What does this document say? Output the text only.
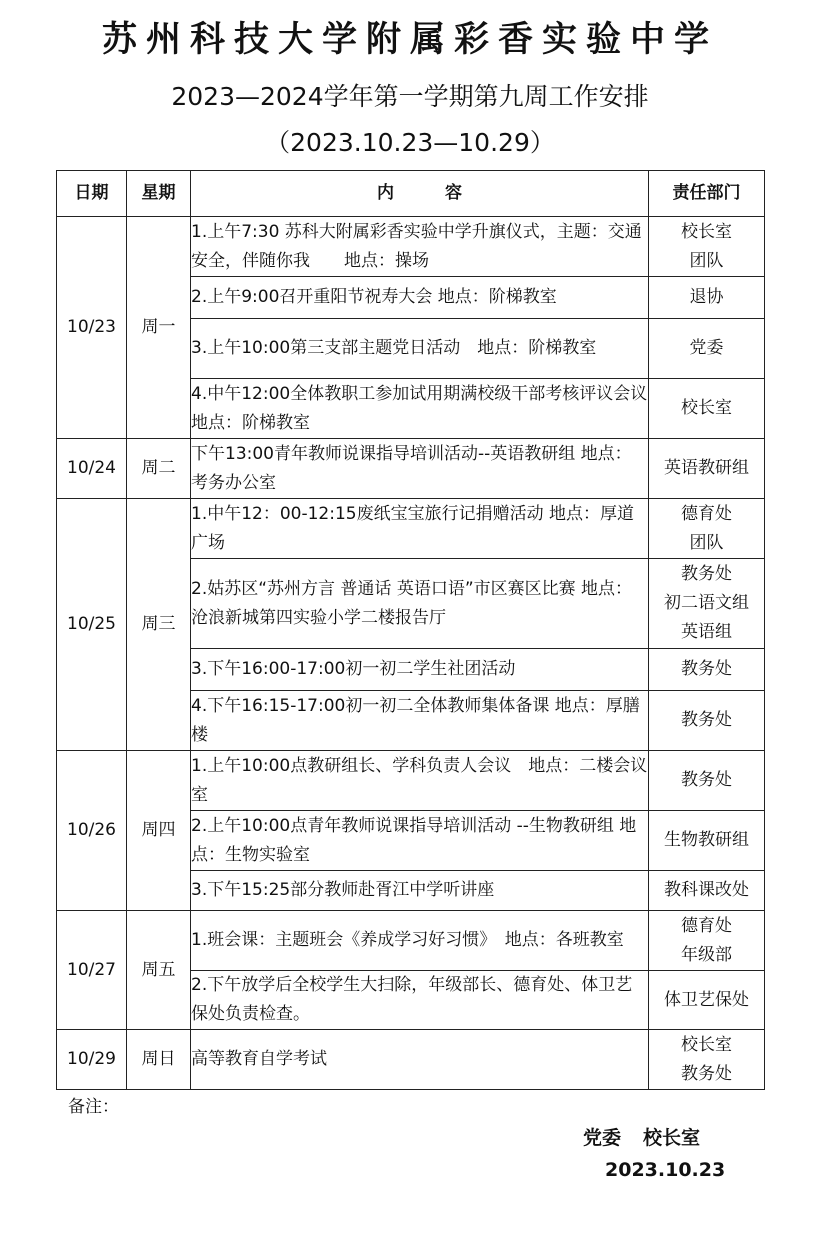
苏州科技大学附属彩香实验中学
2023—2024学年第一学期第九周工作安排
（2023.10.23—10.29）
日期	星期	内　　　容	责任部门
10/23	周一	1.上午7:30 苏科大附属彩香实验中学升旗仪式，主题：交通安全，伴随你我　　地点：操场	校长室
团队

		2.上午9:00召开重阳节祝寿大会 地点：阶梯教室	退协

		3.上午10:00第三支部主题党日活动　地点：阶梯教室	党委

		4.中午12:00全体教职工参加试用期满校级干部考核评议会议　地点：阶梯教室	校长室

10/24	周二	下午13:00青年教师说课指导培训活动--英语教研组 地点：考务办公室	英语教研组

10/25	周三	1.中午12：00-12:15废纸宝宝旅行记捐赠活动 地点：厚道广场	德育处
团队

		2.姑苏区“苏州方言 普通话 英语口语”市区赛区比赛 地点：沧浪新城第四实验小学二楼报告厅	教务处
初二语文组
英语组

		3.下午16:00-17:00初一初二学生社团活动	教务处

		4.下午16:15-17:00初一初二全体教师集体备课 地点：厚膳楼	教务处

10/26	周四	1.上午10:00点教研组长、学科负责人会议　地点：二楼会议室	教务处

		2.上午10:00点青年教师说课指导培训活动 --生物教研组 地点：生物实验室	生物教研组

		3.下午15:25部分教师赴胥江中学听讲座	教科课改处

10/27	周五	1.班会课：主题班会《养成学习好习惯》　地点：各班教室	德育处
年级部

		2.下午放学后全校学生大扫除，年级部长、德育处、体卫艺保处负责检查。	体卫艺保处

10/29	周日	高等教育自学考试	校长室
教务处
备注：
党委 校长室
2023.10.23
